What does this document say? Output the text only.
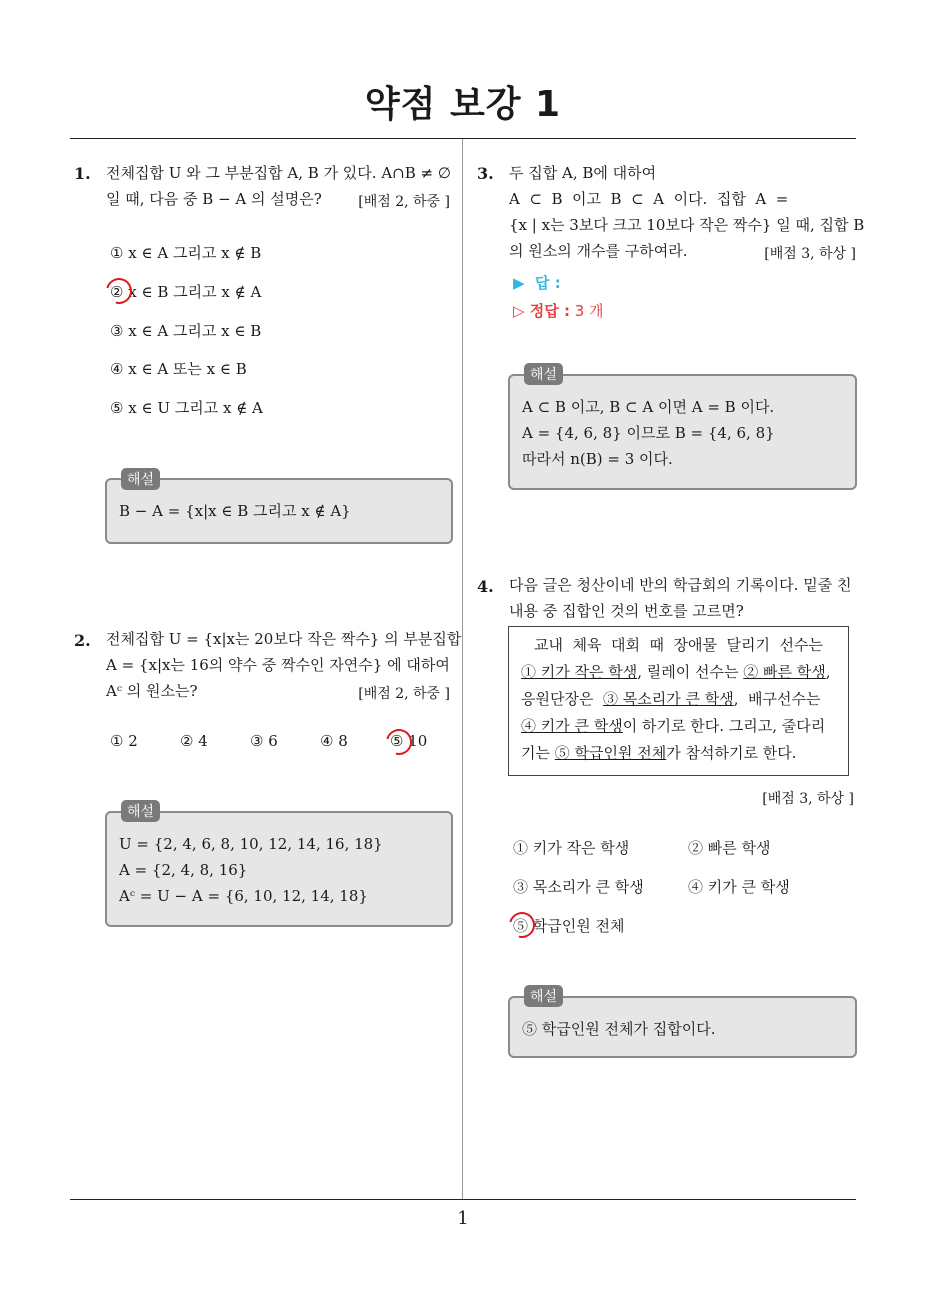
약점 보강 1
1. 전체집합 U 와 그 부분집합 A, B 가 있다. A∩B ≠ ∅
일 때, 다음 중 B − A 의 설명은?	[배점 2, 하중 ]
① x ∈ A 그리고 x ∉ B
② x ∈ B 그리고 x ∉ A
③ x ∈ A 그리고 x ∈ B
④ x ∈ A 또는 x ∈ B
⑤ x ∈ U 그리고 x ∉ A
B − A = {x|x ∈ B 그리고 x ∉ A}
해설
2. 전체집합 U = {x|x는 20보다 작은 짝수} 의 부분집합
A = {x|x는 16의 약수 중 짝수인 자연수} 에 대하여
Aᶜ 의 원소는?	[배점 2, 하중 ]
① 2	② 4	③ 6	④ 8	⑤ 10
U = {2, 4, 6, 8, 10, 12, 14, 16, 18}
A = {2, 4, 8, 16}
Aᶜ = U − A = {6, 10, 12, 14, 18}
해설
3. 두 집합 A, B에 대하여
A  ⊂  B  이고  B  ⊂  A  이다.  집합  A  =
{x | x는 3보다 크고 10보다 작은 짝수} 일 때, 집합 B
의 원소의 개수를 구하여라.	[배점 3, 하상 ]
▶  답 :
▷ 정답 : 3 개
A ⊂ B 이고, B ⊂ A 이면 A = B 이다.
A = {4, 6, 8} 이므로 B = {4, 6, 8}
따라서 n(B) = 3 이다.
해설
4. 다음 글은 청산이네 반의 학급회의 기록이다. 밑줄 친
내용 중 집합인 것의 번호를 고르면?
교내  체육  대회  때  장애물  달리기  선수는
① 키가 작은 학생, 릴레이 선수는 ② 빠른 학생,
응원단장은  ③ 목소리가 큰 학생,  배구선수는
④ 키가 큰 학생이 하기로 한다. 그리고, 줄다리
기는 ⑤ 학급인원 전체가 참석하기로 한다.
[배점 3, 하상 ]
① 키가 작은 학생	② 빠른 학생
③ 목소리가 큰 학생	④ 키가 큰 학생
⑤ 학급인원 전체
⑤ 학급인원 전체가 집합이다.
해설
1
